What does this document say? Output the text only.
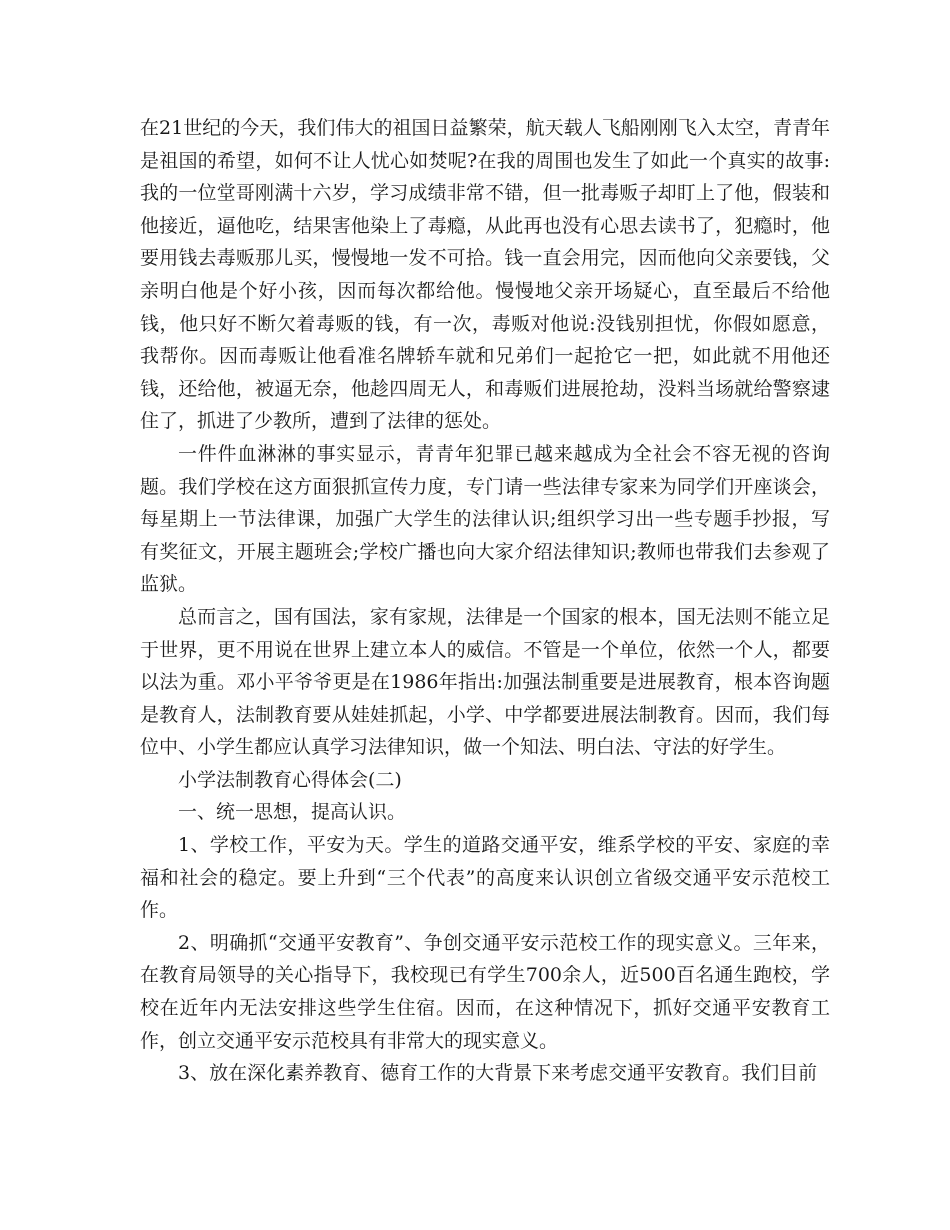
在21世纪的今天，我们伟大的祖国日益繁荣，航天载人飞船刚刚飞入太空，青青年是祖国的希望，如何不让人忧心如焚呢?在我的周围也发生了如此一个真实的故事:我的一位堂哥刚满十六岁，学习成绩非常不错，但一批毒贩子却盯上了他，假装和他接近，逼他吃，结果害他染上了毒瘾，从此再也没有心思去读书了，犯瘾时，他要用钱去毒贩那儿买，慢慢地一发不可拾。钱一直会用完，因而他向父亲要钱，父亲明白他是个好小孩，因而每次都给他。慢慢地父亲开场疑心，直至最后不给他钱，他只好不断欠着毒贩的钱，有一次，毒贩对他说:没钱别担忧，你假如愿意，我帮你。因而毒贩让他看准名牌轿车就和兄弟们一起抢它一把，如此就不用他还钱，还给他，被逼无奈，他趁四周无人，和毒贩们进展抢劫，没料当场就给警察逮住了，抓进了少教所，遭到了法律的惩处。

一件件血淋淋的事实显示，青青年犯罪已越来越成为全社会不容无视的咨询题。我们学校在这方面狠抓宣传力度，专门请一些法律专家来为同学们开座谈会，每星期上一节法律课，加强广大学生的法律认识;组织学习出一些专题手抄报，写有奖征文，开展主题班会;学校广播也向大家介绍法律知识;教师也带我们去参观了监狱。

总而言之，国有国法，家有家规，法律是一个国家的根本，国无法则不能立足于世界，更不用说在世界上建立本人的威信。不管是一个单位，依然一个人，都要以法为重。邓小平爷爷更是在1986年指出:加强法制重要是进展教育，根本咨询题是教育人，法制教育要从娃娃抓起，小学、中学都要进展法制教育。因而，我们每位中、小学生都应认真学习法律知识，做一个知法、明白法、守法的好学生。

小学法制教育心得体会(二)

一、统一思想，提高认识。

1、学校工作，平安为天。学生的道路交通平安，维系学校的平安、家庭的幸福和社会的稳定。要上升到“三个代表”的高度来认识创立省级交通平安示范校工作。

2、明确抓“交通平安教育”、争创交通平安示范校工作的现实意义。三年来，在教育局领导的关心指导下，我校现已有学生700余人，近500百名通生跑校，学校在近年内无法安排这些学生住宿。因而，在这种情况下，抓好交通平安教育工作，创立交通平安示范校具有非常大的现实意义。

3、放在深化素养教育、德育工作的大背景下来考虑交通平安教育。我们目前
